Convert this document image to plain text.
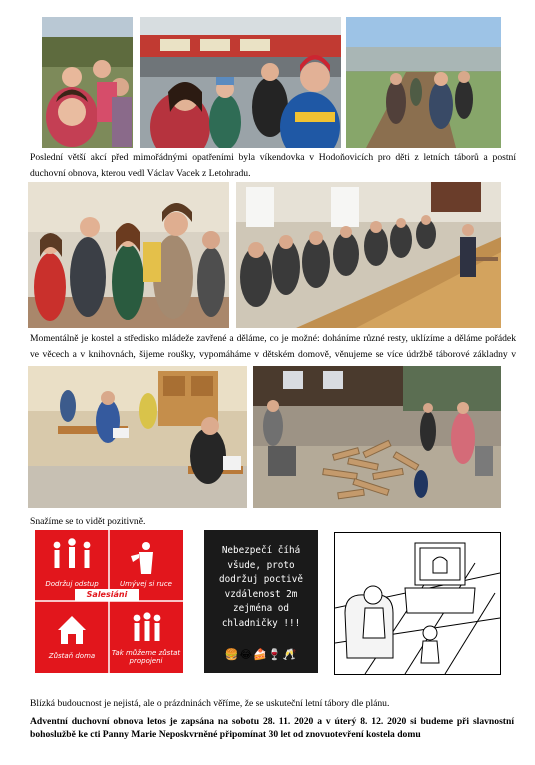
Poslední větší akcí před mimořádnými opatřeními byla víkendovka v Hodoňovicích pro děti z letních táborů a postní duchovní obnova, kterou vedl Václav Vacek z Letohradu.

Momentálně je kostel a středisko mládeže zavřené a děláme, co je možné: doháníme různé resty, uklízíme a děláme pořádek ve věcech a v knihovnách, šijeme roušky, vypomáháme v dětském domově, věnujeme se více údržbě táborové základny v

Snažíme se to vidět pozitivně.

Dodržuj odstup	Umývej si ruce
Zůstaň doma	Tak můžeme zůstat propojeni
Salesiáni
Nebezpečí číhá
všude, proto
dodržuj poctivě
vzdálenost 2m
zejména od
chladničky !!!
🍔😂🍰🍷🥂

Blízká budoucnost je nejistá, ale o prázdninách věříme, že se uskuteční letní tábory dle plánu.

Adventní duchovní obnova letos je zapsána na sobotu 28. 11. 2020 a v úterý 8. 12. 2020 si budeme při slavnostní bohoslužbě ke cti Panny Marie Neposkvrněné připomínat 30 let od znovuotevření kostela domu
